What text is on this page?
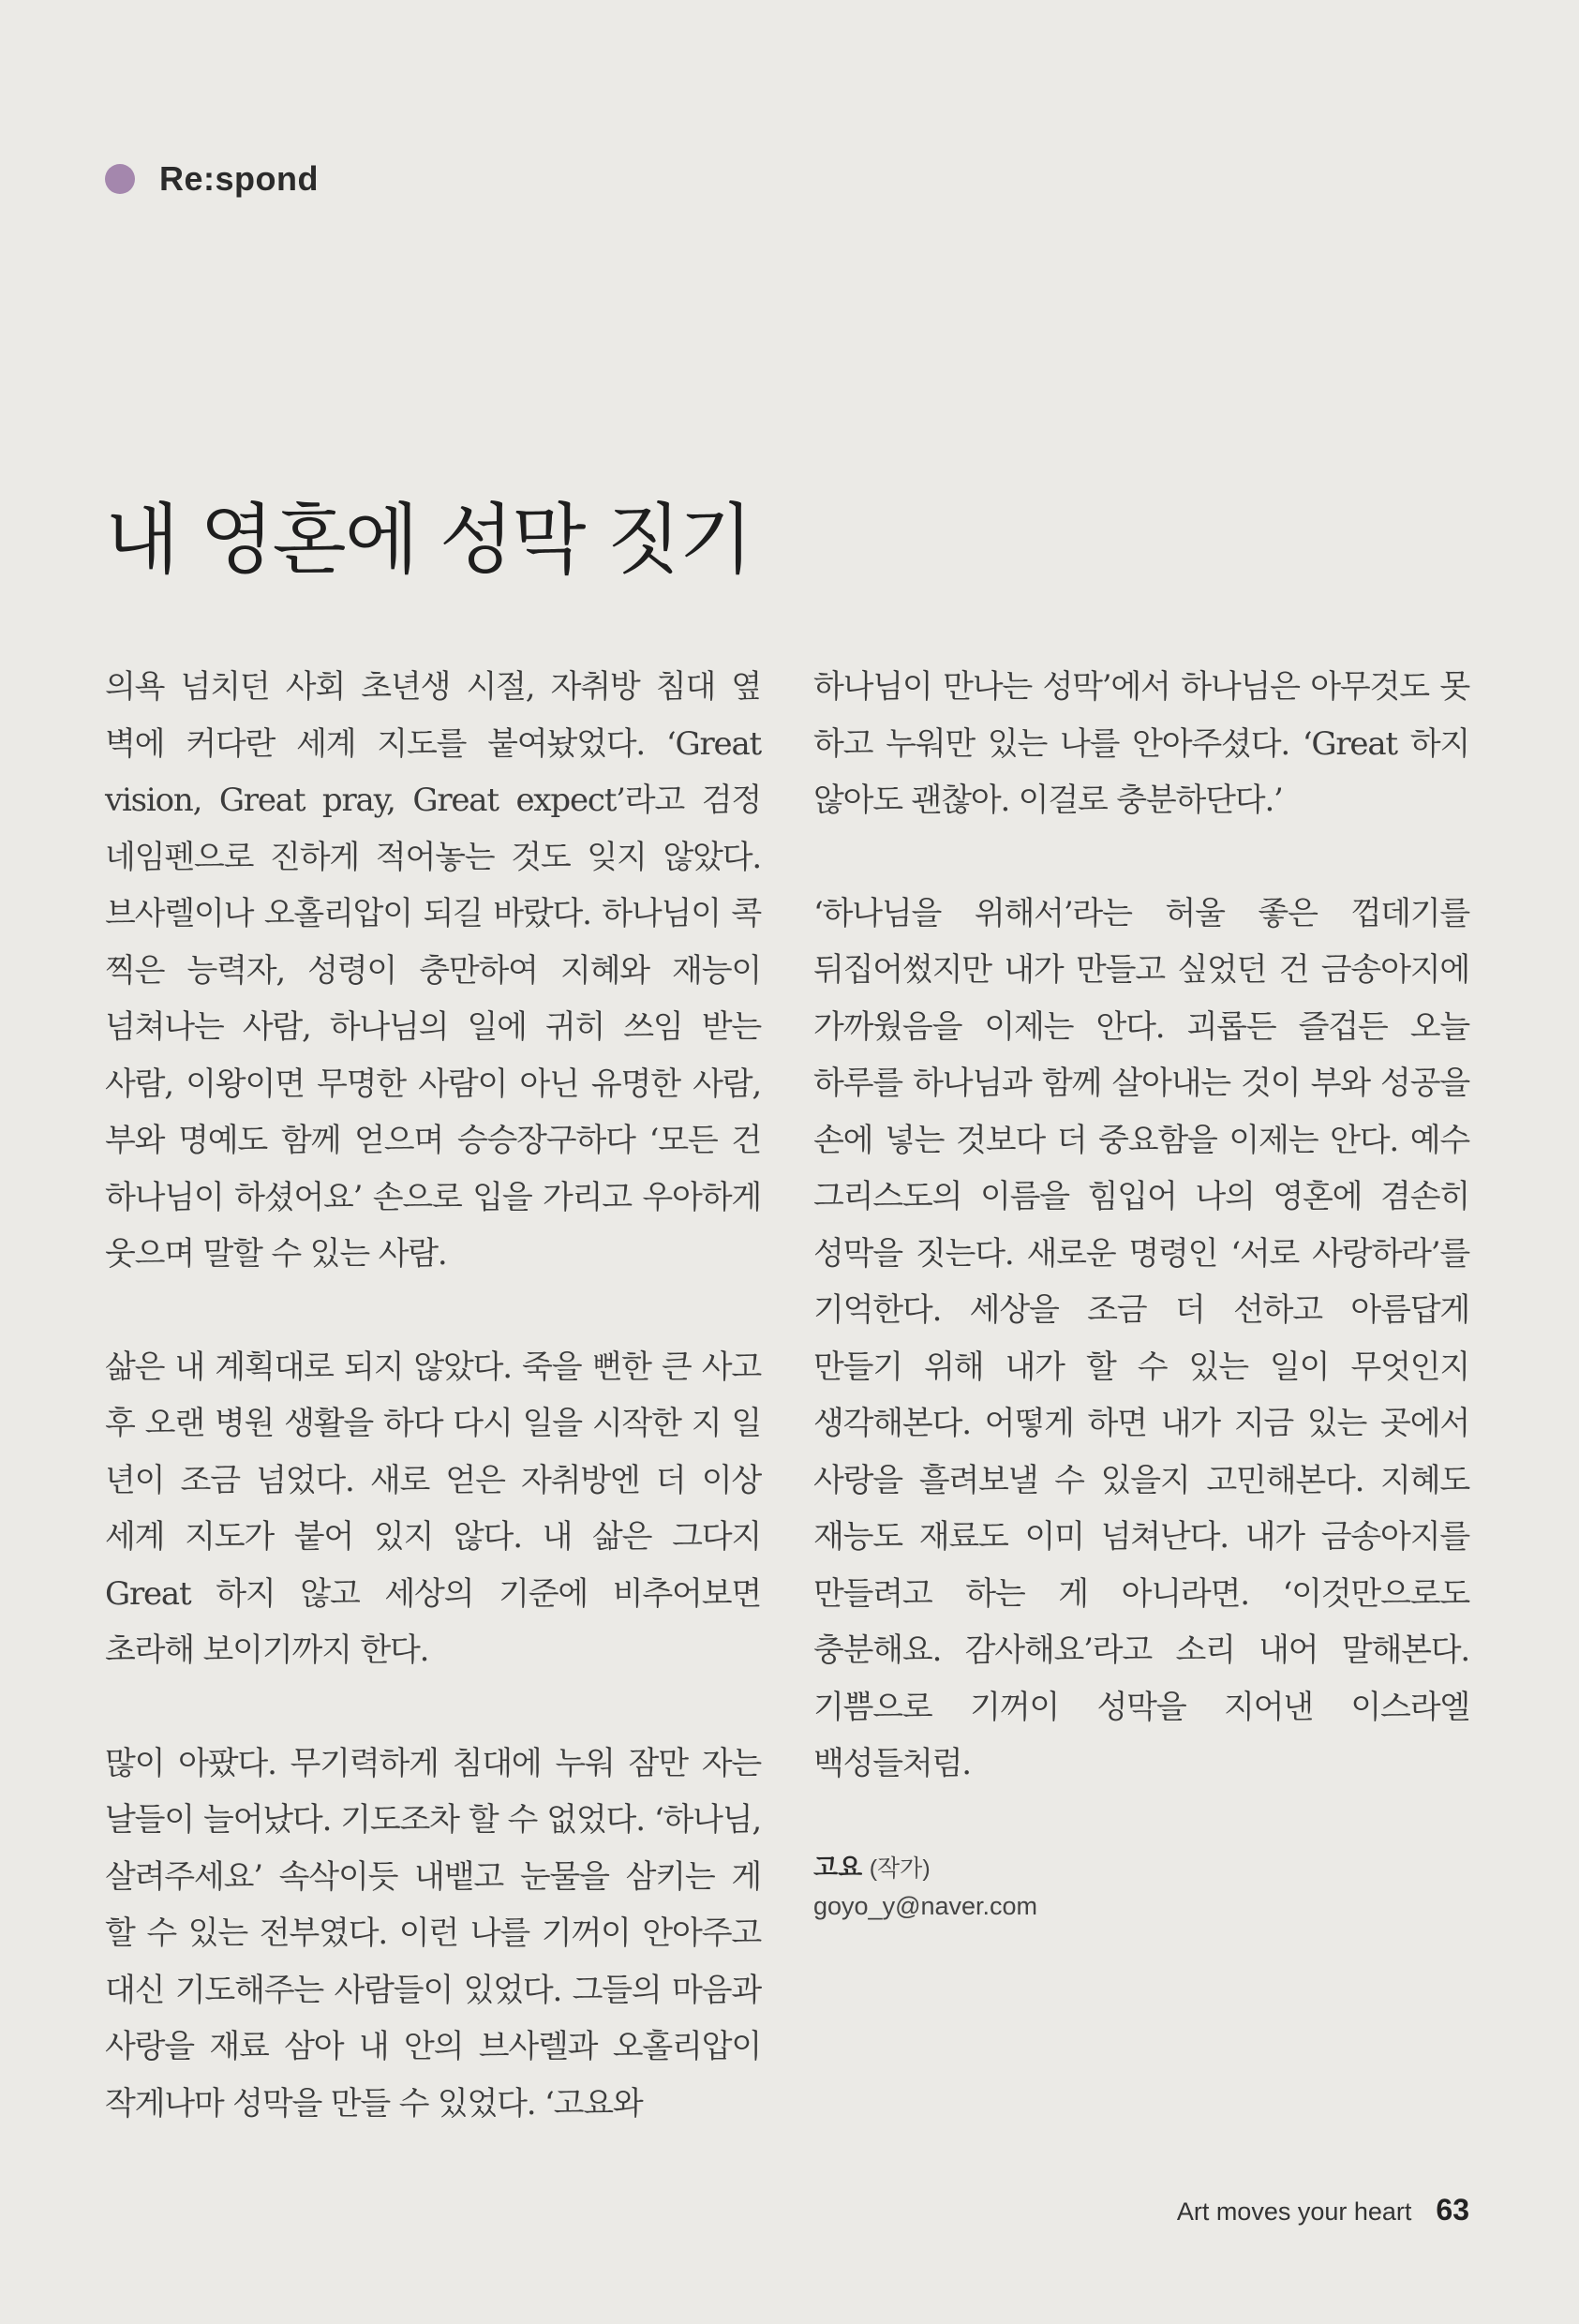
Re:spond
내 영혼에 성막 짓기

의욕 넘치던 사회 초년생 시절, 자취방 침대 옆 벽에 커다란 세계 지도를 붙여놨었다. ‘Great vision, Great pray, Great expect’라고 검정 네임펜으로 진하게 적어놓는 것도 잊지 않았다. 브사렐이나 오홀리압이 되길 바랐다. 하나님이 콕 찍은 능력자, 성령이 충만하여 지혜와 재능이 넘쳐나는 사람, 하나님의 일에 귀히 쓰임 받는 사람, 이왕이면 무명한 사람이 아닌 유명한 사람, 부와 명예도 함께 얻으며 승승장구하다 ‘모든 건 하나님이 하셨어요’ 손으로 입을 가리고 우아하게 웃으며 말할 수 있는 사람.

삶은 내 계획대로 되지 않았다. 죽을 뻔한 큰 사고 후 오랜 병원 생활을 하다 다시 일을 시작한 지 일 년이 조금 넘었다. 새로 얻은 자취방엔 더 이상 세계 지도가 붙어 있지 않다. 내 삶은 그다지 Great 하지 않고 세상의 기준에 비추어보면 초라해 보이기까지 한다.

많이 아팠다. 무기력하게 침대에 누워 잠만 자는 날들이 늘어났다. 기도조차 할 수 없었다. ‘하나님, 살려주세요’ 속삭이듯 내뱉고 눈물을 삼키는 게 할 수 있는 전부였다. 이런 나를 기꺼이 안아주고 대신 기도해주는 사람들이 있었다. 그들의 마음과 사랑을 재료 삼아 내 안의 브사렐과 오홀리압이 작게나마 성막을 만들 수 있었다. ‘고요와

하나님이 만나는 성막’에서 하나님은 아무것도 못 하고 누워만 있는 나를 안아주셨다. ‘Great 하지 않아도 괜찮아. 이걸로 충분하단다.’

‘하나님을 위해서’라는 허울 좋은 껍데기를 뒤집어썼지만 내가 만들고 싶었던 건 금송아지에 가까웠음을 이제는 안다. 괴롭든 즐겁든 오늘 하루를 하나님과 함께 살아내는 것이 부와 성공을 손에 넣는 것보다 더 중요함을 이제는 안다. 예수 그리스도의 이름을 힘입어 나의 영혼에 겸손히 성막을 짓는다. 새로운 명령인 ‘서로 사랑하라’를 기억한다. 세상을 조금 더 선하고 아름답게 만들기 위해 내가 할 수 있는 일이 무엇인지 생각해본다. 어떻게 하면 내가 지금 있는 곳에서 사랑을 흘려보낼 수 있을지 고민해본다. 지혜도 재능도 재료도 이미 넘쳐난다. 내가 금송아지를 만들려고 하는 게 아니라면. ‘이것만으로도 충분해요. 감사해요’라고 소리 내어 말해본다. 기쁨으로 기꺼이 성막을 지어낸 이스라엘 백성들처럼.

고요 (작가)
goyo_y@naver.com
Art moves your heart 63
